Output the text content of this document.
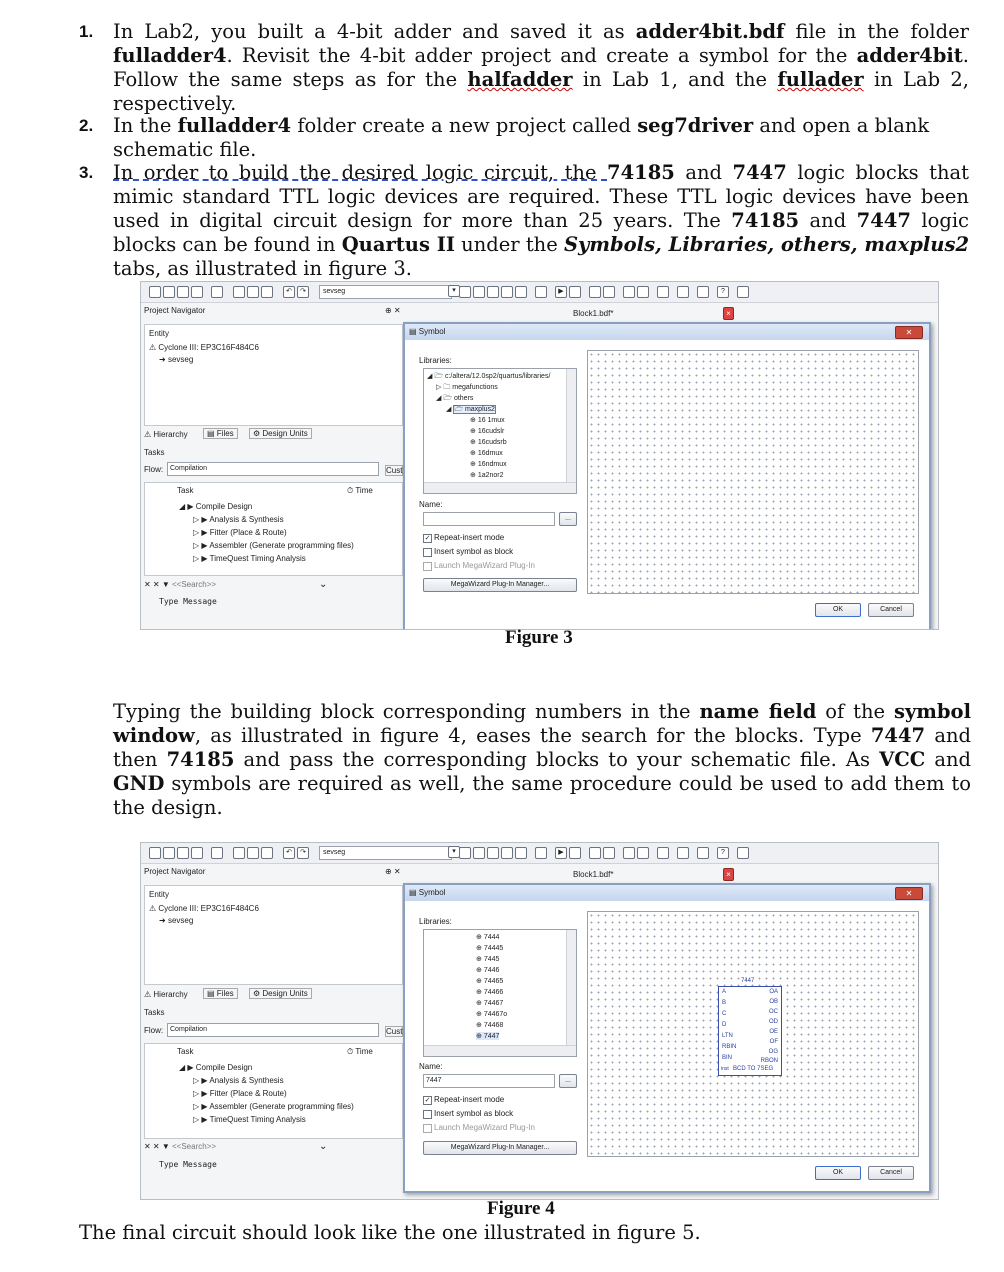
1. In Lab2, you built a 4-bit adder and saved it as adder4bit.bdf file in the folder fulladder4. Revisit the 4-bit adder project and create a symbol for the adder4bit. Follow the same steps as for the halfadder in Lab 1, and the fullader in Lab 2, respectively.
2. In the fulladder4 folder create a new project called seg7driver and open a blank schematic file.
3. In order to build the desired logic circuit, the 74185 and 7447 logic blocks that mimic standard TTL logic devices are required. These TTL logic devices have been used in digital circuit design for more than 25 years. The 74185 and 7447 logic blocks can be found in Quartus II under the Symbols, Libraries, others, maxplus2 tabs, as illustrated in figure 3.
↶	↷	sevseg	▾	▶	?
Project Navigator	⊕ ✕
Entity
⚠ Cyclone III: EP3C16F484C6
➜ sevseg
⚠ Hierarchy	▤ Files	⚙ Design Units
Tasks
Flow: Compilation	Cust
Task	⏱ Time
◢ ▶ Compile Design
▷ ▶ Analysis & Synthesis
▷ ▶ Fitter (Place & Route)
▷ ▶ Assembler (Generate programming files)
▷ ▶ TimeQuest Timing Analysis
✕ ✕ ▼ <<Search>>	⌄
Type Message
Block1.bdf*	×
▤ Symbol	✕
Libraries:
◢ 🗁 c:/altera/12.0sp2/quartus/libraries/
▷ 🗀 megafunctions
◢ 🗁 others
◢ 🗁 maxplus2
⊕ 16 1mux
⊕ 16cudslr
⊕ 16cudsrb
⊕ 16dmux
⊕ 16ndmux
⊕ 1a2nor2
Name:
...
✓ Repeat-insert mode
Insert symbol as block
Launch MegaWizard Plug-In
MegaWizard Plug-In Manager...
OK	Cancel
Figure 3
Typing the building block corresponding numbers in the name field of the symbol window, as illustrated in figure 4, eases the search for the blocks. Type 7447 and then 74185 and pass the corresponding blocks to your schematic file. As VCC and GND symbols are required as well, the same procedure could be used to add them to the design.
↶	↷	sevseg	▾	▶	?
Project Navigator	⊕ ✕
Entity
⚠ Cyclone III: EP3C16F484C6
➜ sevseg
⚠ Hierarchy	▤ Files	⚙ Design Units
Tasks
Flow: Compilation	Cust
Task	⏱ Time
◢ ▶ Compile Design
▷ ▶ Analysis & Synthesis
▷ ▶ Fitter (Place & Route)
▷ ▶ Assembler (Generate programming files)
▷ ▶ TimeQuest Timing Analysis
✕ ✕ ▼ <<Search>>	⌄
Type Message
Block1.bdf*	×
▤ Symbol	✕
Libraries:
⊕ 7444
⊕ 74445
⊕ 7445
⊕ 7446
⊕ 74465
⊕ 74466
⊕ 74467
⊕ 74467o
⊕ 74468
⊕ 7447
Name:
7447	...
✓ Repeat-insert mode
Insert symbol as block
Launch MegaWizard Plug-In
MegaWizard Plug-In Manager...
7447
A
B
C
D
LTN
RBIN
BIN
OA
OB
OC
OD
OE
OF
OG
RBON
inst BCD TO 7SEG
OK	Cancel
Figure 4
The final circuit should look like the one illustrated in figure 5.
